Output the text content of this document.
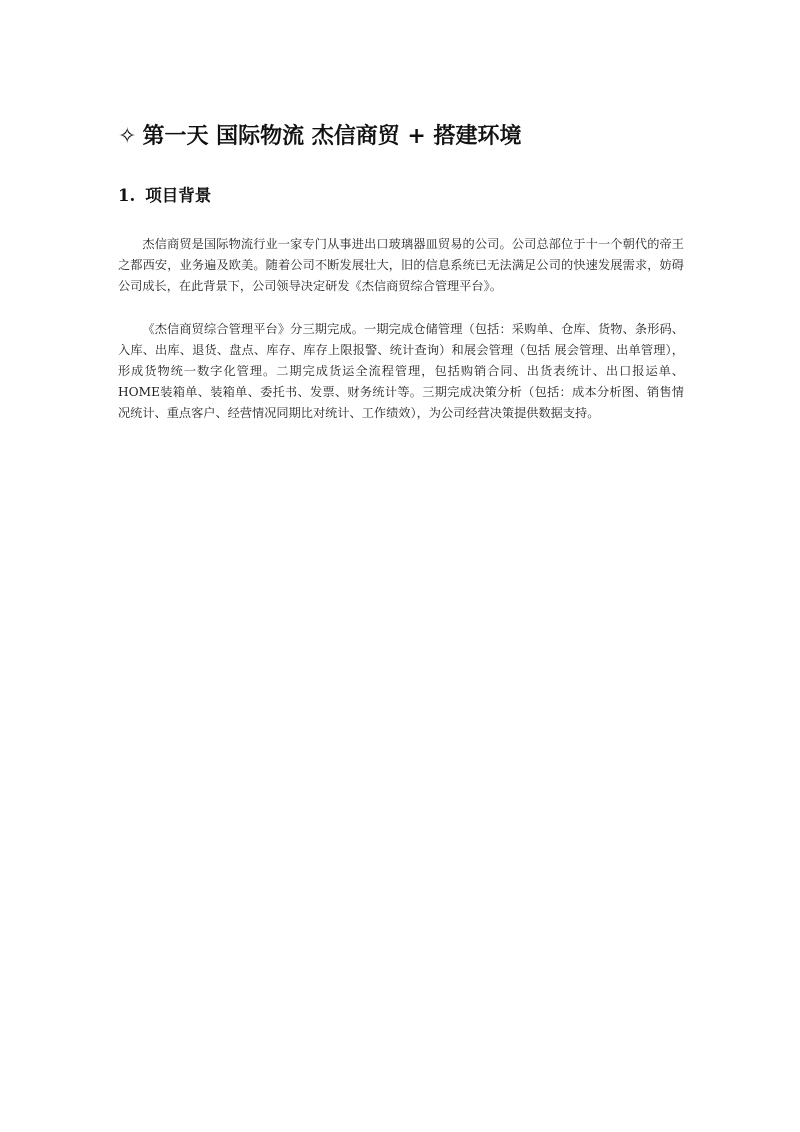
✧ 第一天 国际物流 杰信商贸 + 搭建环境
1. 项目背景

杰信商贸是国际物流行业一家专门从事进出口玻璃器皿贸易的公司。公司总部位于十一个朝代的帝王之都西安，业务遍及欧美。随着公司不断发展壮大，旧的信息系统已无法满足公司的快速发展需求，妨碍公司成长，在此背景下，公司领导决定研发《杰信商贸综合管理平台》。

《杰信商贸综合管理平台》分三期完成。一期完成仓储管理（包括：采购单、仓库、货物、条形码、入库、出库、退货、盘点、库存、库存上限报警、统计查询）和展会管理（包括 展会管理、出单管理），形成货物统一数字化管理。二期完成货运全流程管理，包括购销合同、出货表统计、出口报运单、HOME装箱单、装箱单、委托书、发票、财务统计等。三期完成决策分析（包括：成本分析图、销售情况统计、重点客户、经营情况同期比对统计、工作绩效），为公司经营决策提供数据支持。
